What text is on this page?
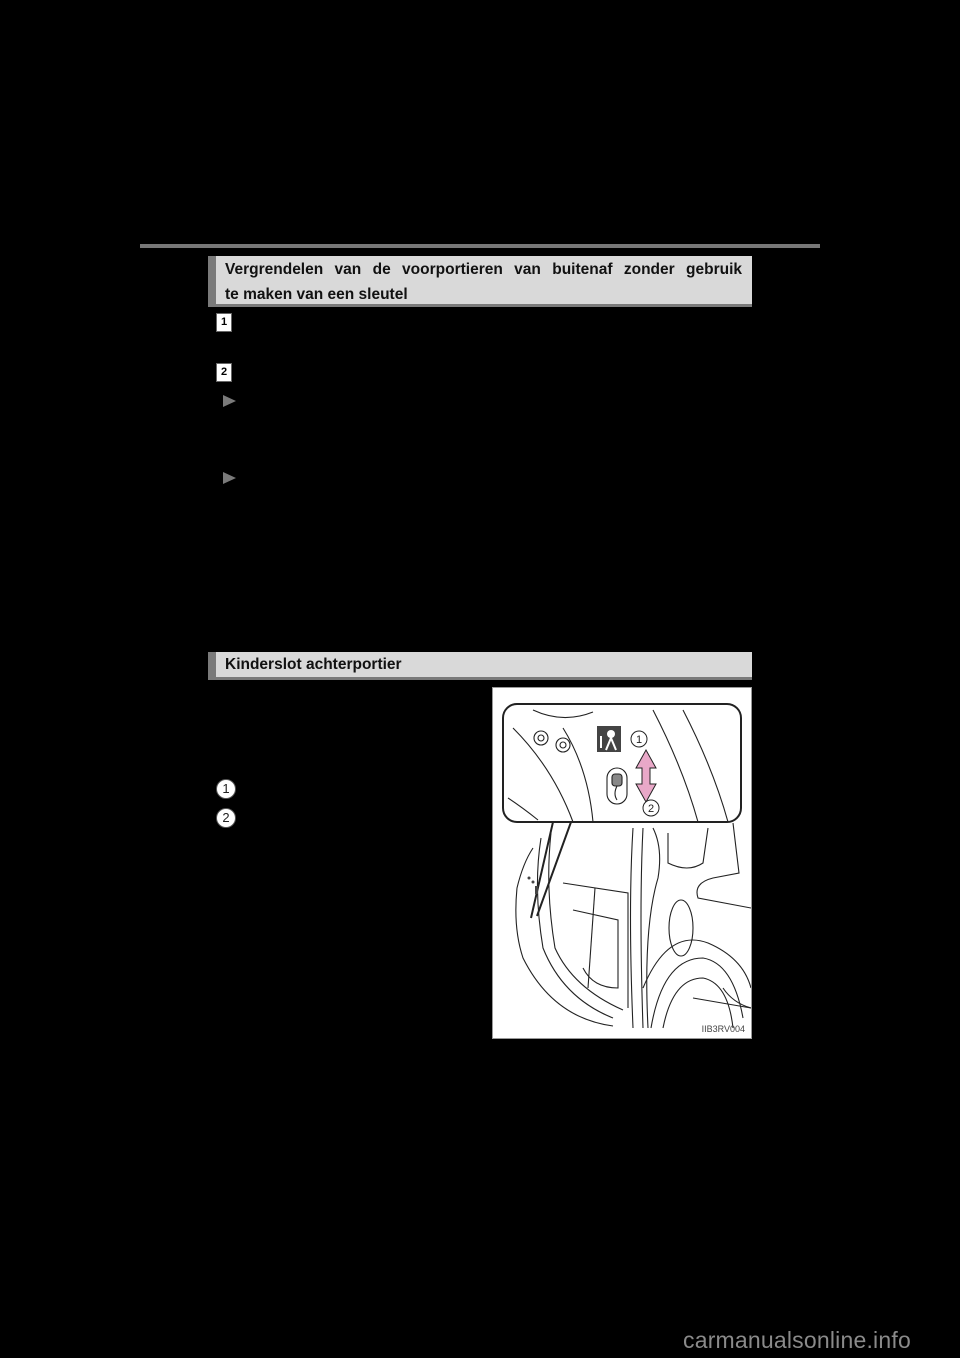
Vergrendelen van de voorportieren van buitenaf zonder gebruik
te maken van een sleutel
1
2
Kinderslot achterportier
1
2
1
2
IIB3RV004
carmanualsonline.info
